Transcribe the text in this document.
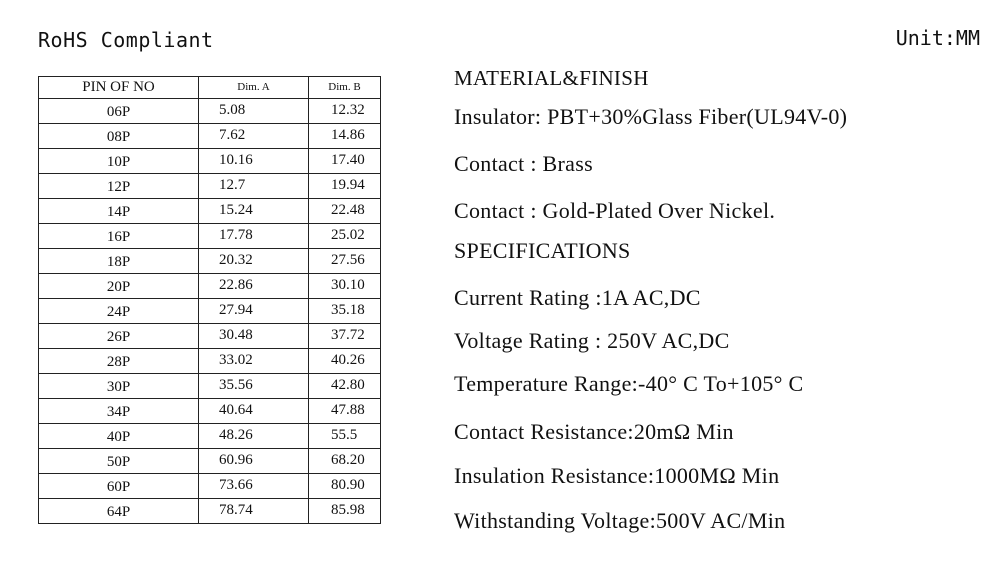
RoHS Compliant	Unit:MM
PIN OF NO	Dim. A	Dim. B
06P	5.08	12.32
08P	7.62	14.86
10P	10.16	17.40
12P	12.7	19.94
14P	15.24	22.48
16P	17.78	25.02
18P	20.32	27.56
20P	22.86	30.10
24P	27.94	35.18
26P	30.48	37.72
28P	33.02	40.26
30P	35.56	42.80
34P	40.64	47.88
40P	48.26	55.5
50P	60.96	68.20
60P	73.66	80.90
64P	78.74	85.98
MATERIAL&FINISH
Insulator: PBT+30%Glass Fiber(UL94V-0)
Contact : Brass
Contact : Gold-Plated Over Nickel.
SPECIFICATIONS
Current Rating :1A AC,DC
Voltage Rating : 250V AC,DC
Temperature Range:-40° C To+105° C
Contact Resistance:20mΩ Min
Insulation Resistance:1000MΩ Min
Withstanding Voltage:500V AC/Min
